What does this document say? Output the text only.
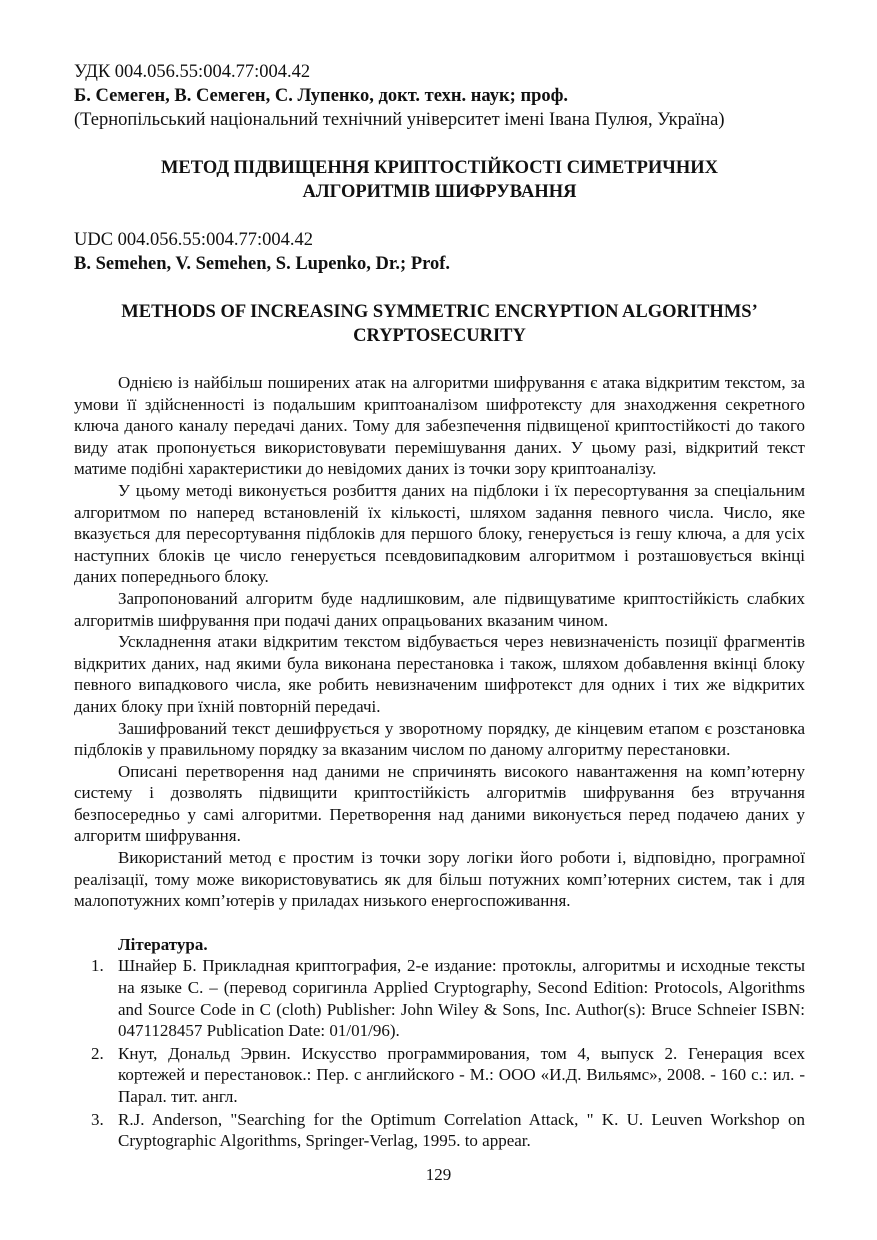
УДК 004.056.55:004.77:004.42

Б. Семеген, В. Семеген, С. Лупенко, докт. техн. наук; проф.

(Тернопільський національний технічний університет імені Івана Пулюя, Україна)

МЕТОД ПІДВИЩЕННЯ КРИПТОСТІЙКОСТІ СИМЕТРИЧНИХ

АЛГОРИТМІВ ШИФРУВАННЯ

UDC 004.056.55:004.77:004.42

B. Semehen, V. Semehen, S. Lupenko, Dr.; Prof.

METHODS OF INCREASING SYMMETRIC ENCRYPTION ALGORITHMS’

CRYPTOSECURITY

Однією із найбільш поширених атак на алгоритми шифрування є атака відкритим текстом, за умови її здійсненності із подальшим криптоаналізом шифротексту для знаходження секретного ключа даного каналу передачі даних. Тому для забезпечення підвищеної криптостійкості до такого виду атак пропонується використовувати перемішування даних. У цьому разі, відкритий текст матиме подібні характеристики до невідомих даних із точки зору криптоаналізу.

У цьому методі виконується розбиття даних на підблоки і їх пересортування за спеціальним алгоритмом по наперед встановленій їх кількості, шляхом задання певного числа. Число, яке вказується для пересортування підблоків для першого блоку, генерується із гешу ключа, а для усіх наступних блоків це число генерується псевдовипадковим алгоритмом і розташовується вкінці даних попереднього блоку.

Запропонований алгоритм буде надлишковим, але підвищуватиме криптостійкість слабких алгоритмів шифрування при подачі даних опрацьованих вказаним чином.

Ускладнення атаки відкритим текстом відбувається через невизначеність позиції фрагментів відкритих даних, над якими була виконана перестановка і також, шляхом добавлення вкінці блоку певного випадкового числа, яке робить невизначеним шифротекст для одних і тих же відкритих даних блоку при їхній повторній передачі.

Зашифрований текст дешифрується у зворотному порядку, де кінцевим етапом є розстановка підблоків у правильному порядку за вказаним числом по даному алгоритму перестановки.

Описані перетворення над даними не спричинять високого навантаження на комп’ютерну систему і дозволять підвищити криптостійкість алгоритмів шифрування без втручання безпосередньо у самі алгоритми. Перетворення над даними виконується перед подачею даних у алгоритм шифрування.

Використаний метод є простим із точки зору логіки його роботи і, відповідно, програмної реалізації, тому може використовуватись як для більш потужних комп’ютерних систем, так і для малопотужних комп’ютерів у приладах низького енергоспоживання.

Література.

1. Шнайер Б. Прикладная криптография, 2-е издание: протоклы, алгоритмы и исходные тексты на языке С. – (перевод соригинла Applied Cryptography, Second Edition: Protocols, Algorithms and Source Code in C (cloth) Publisher: John Wiley & Sons, Inc. Author(s): Bruce Schneier ISBN: 0471128457 Publication Date: 01/01/96).
2. Кнут, Дональд Эрвин. Искусство программирования, том 4, выпуск 2. Генерация всех кортежей и перестановок.: Пер. с английского - М.: ООО «И.Д. Вильямс», 2008. - 160 с.: ил. - Парал. тит. англ.
3. R.J. Anderson, "Searching for the Optimum Correlation Attack, " K. U. Leuven Workshop on Cryptographic Algorithms, Springer-Verlag, 1995. to appear.
129
